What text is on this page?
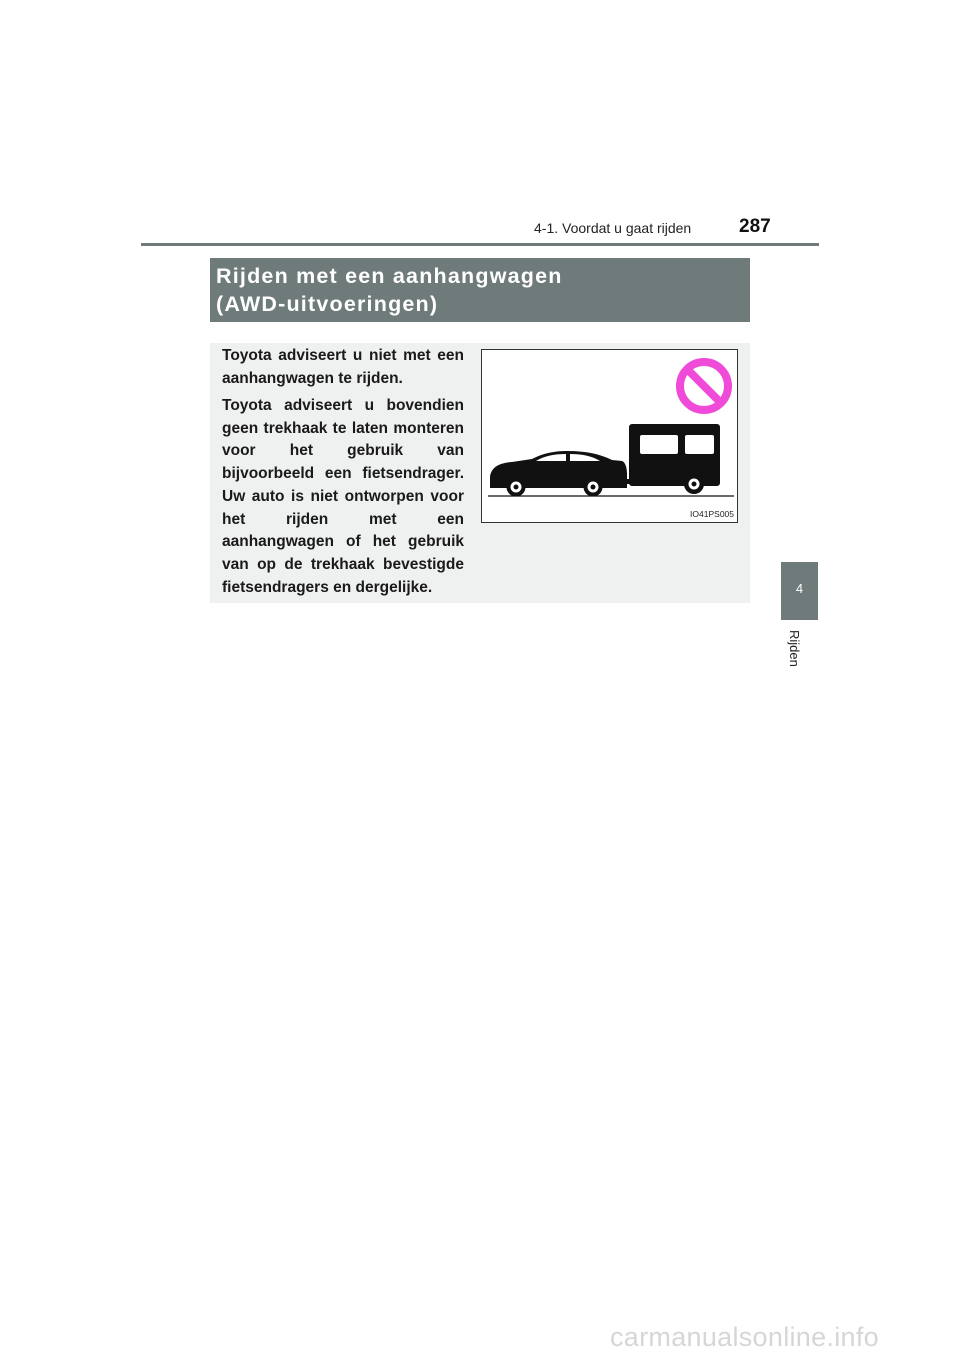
4-1. Voordat u gaat rijden	287
Rijden met een aanhangwagen
(AWD-uitvoeringen)
Toyota adviseert u niet met een aanhangwagen te rijden.
Toyota adviseert u bovendien geen trekhaak te laten monteren voor het gebruik van bijvoorbeeld een fietsendrager. Uw auto is niet ontworpen voor het rijden met een aanhangwagen of het gebruik van op de trekhaak bevestigde fietsendragers en dergelijke.
IO41PS005
4
Rijden
carmanualsonline.info
